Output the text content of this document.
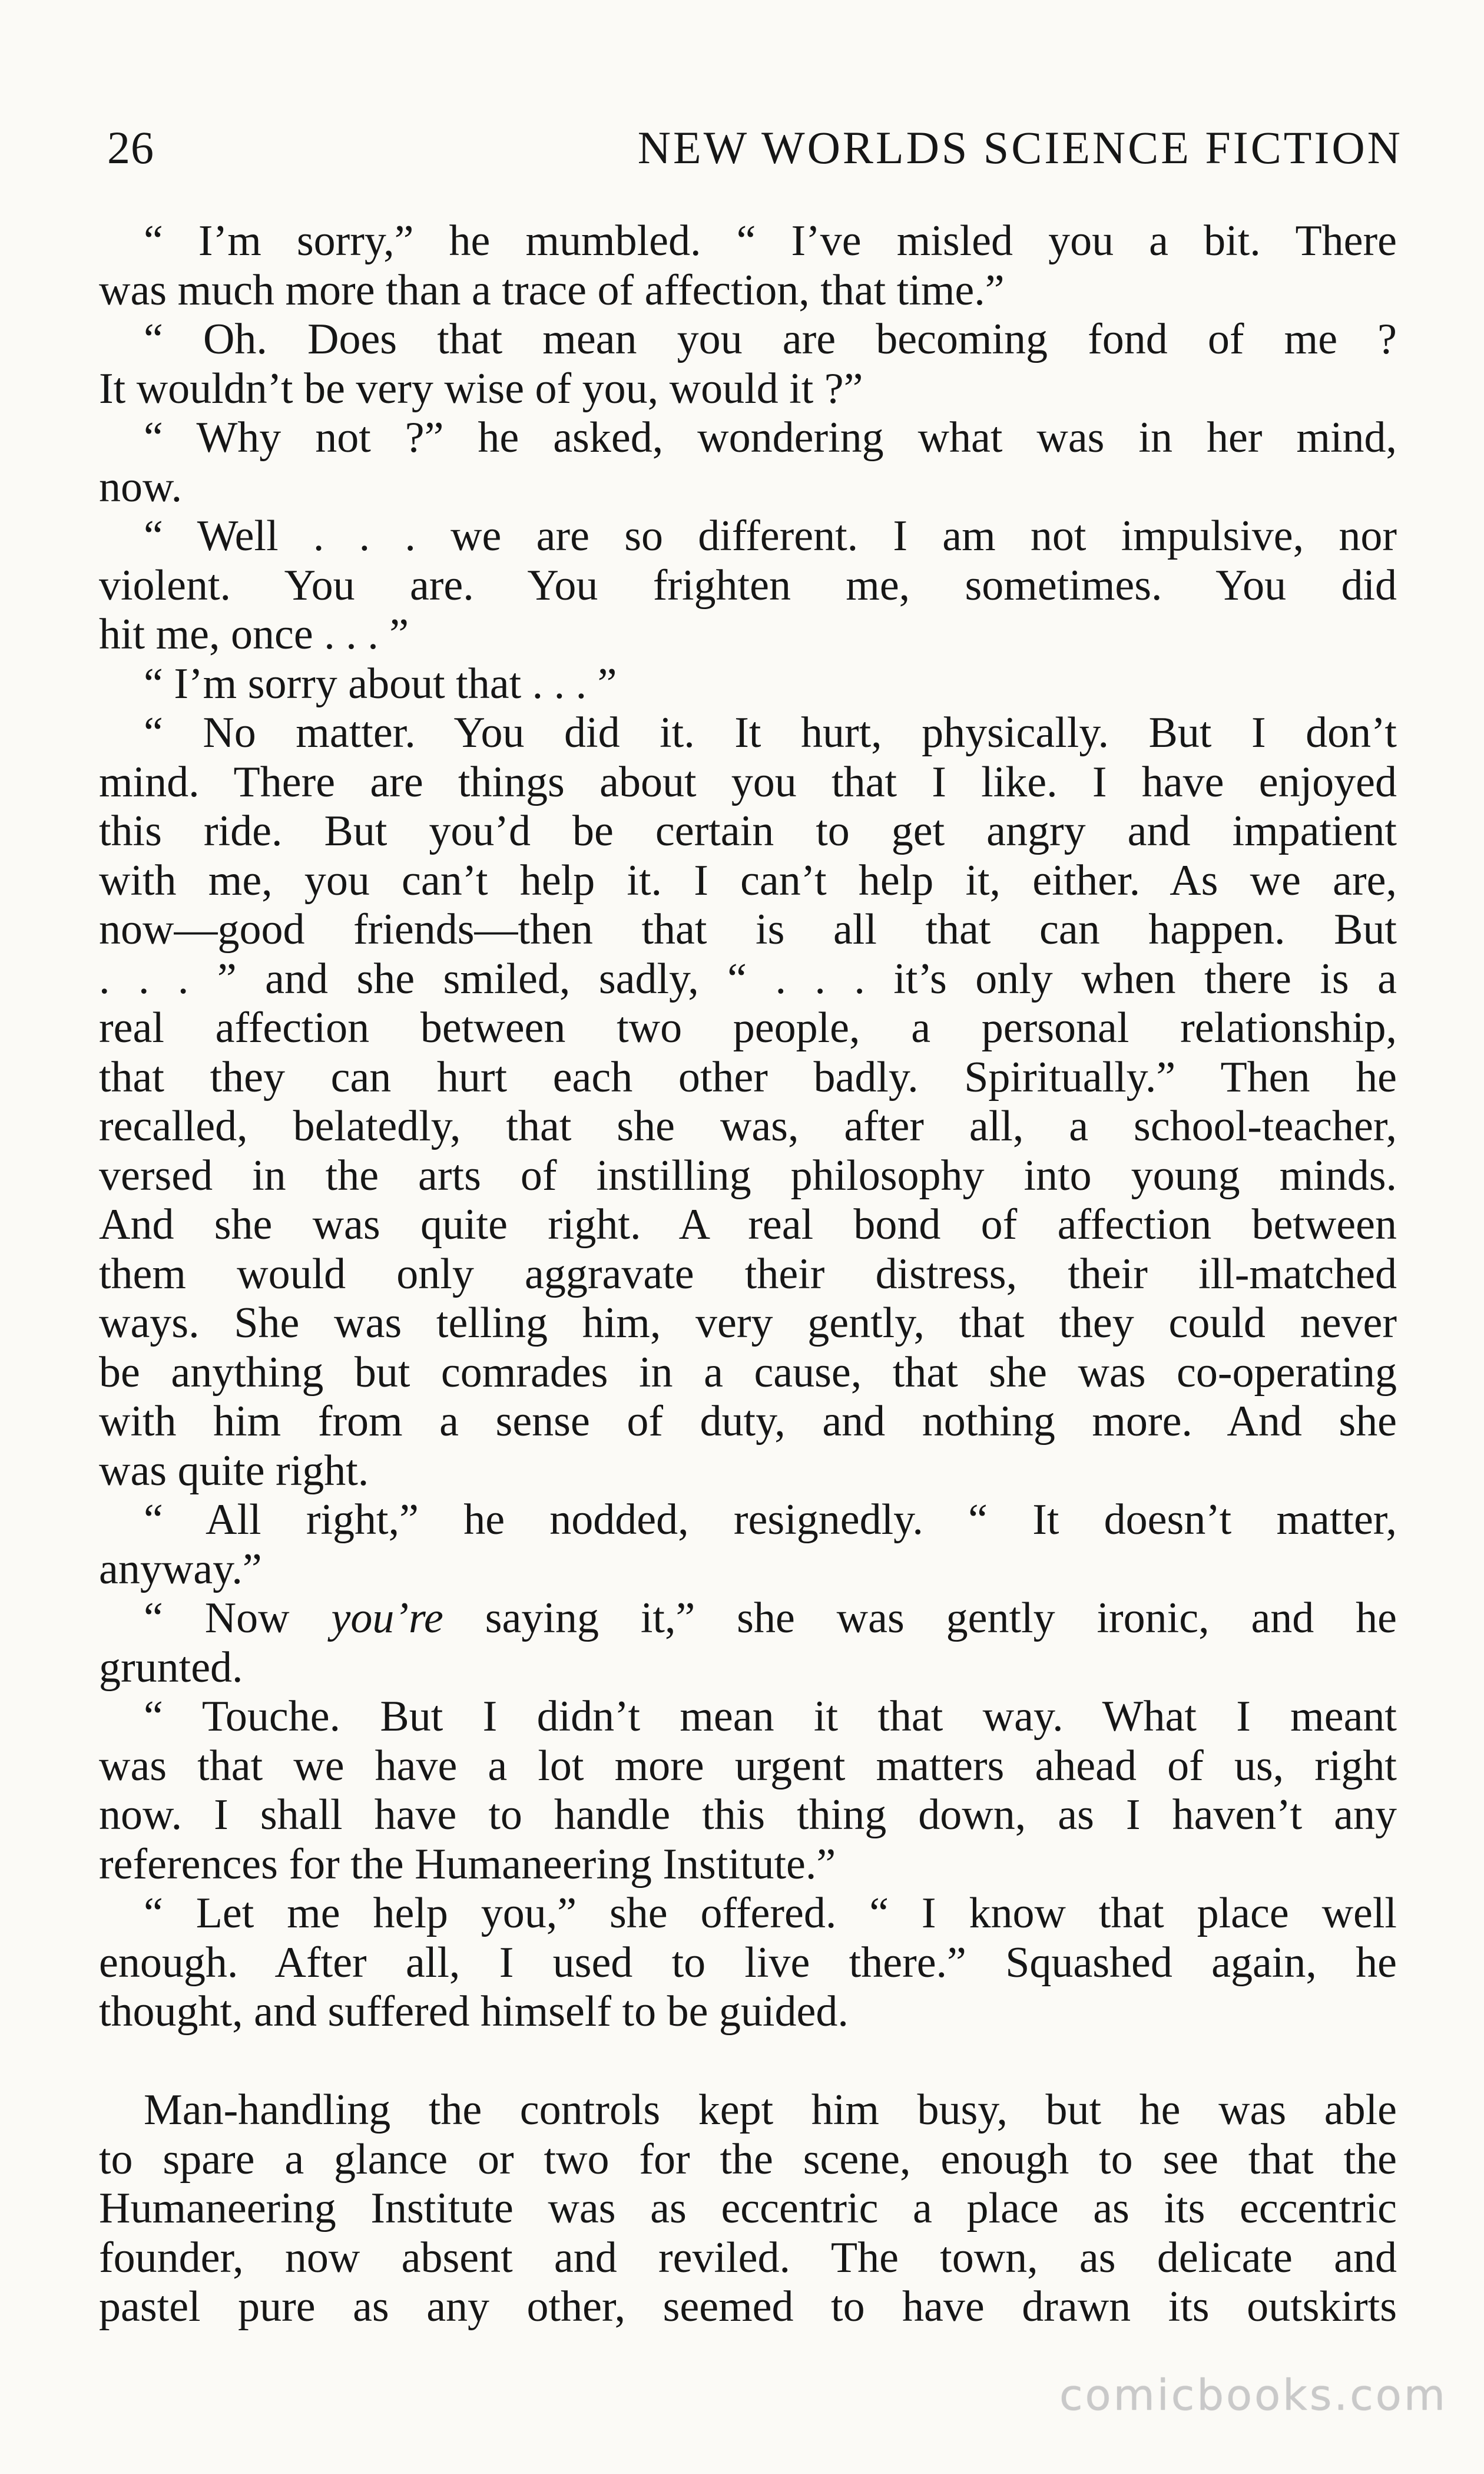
26	NEW WORLDS SCIENCE FICTION
“ I’m sorry,” he mumbled. “ I’ve misled you a bit. There
was much more than a trace of affection, that time.”
“ Oh. Does that mean you are becoming fond of me ?
It wouldn’t be very wise of you, would it ?”
“ Why not ?” he asked, wondering what was in her mind,
now.
“ Well . . . we are so different. I am not impulsive, nor
violent. You are. You frighten me, sometimes. You did
hit me, once . . . ”
“ I’m sorry about that . . . ”
“ No matter. You did it. It hurt, physically. But I don’t
mind. There are things about you that I like. I have enjoyed
this ride. But you’d be certain to get angry and impatient
with me, you can’t help it. I can’t help it, either. As we are,
now—good friends—then that is all that can happen. But
. . . ” and she smiled, sadly, “ . . . it’s only when there is a
real affection between two people, a personal relationship,
that they can hurt each other badly. Spiritually.” Then he
recalled, belatedly, that she was, after all, a school-teacher,
versed in the arts of instilling philosophy into young minds.
And she was quite right. A real bond of affection between
them would only aggravate their distress, their ill-matched
ways. She was telling him, very gently, that they could never
be anything but comrades in a cause, that she was co-operating
with him from a sense of duty, and nothing more. And she
was quite right.
“ All right,” he nodded, resignedly. “ It doesn’t matter,
anyway.”
“ Now you’re saying it,” she was gently ironic, and he
grunted.
“ Touche. But I didn’t mean it that way. What I meant
was that we have a lot more urgent matters ahead of us, right
now. I shall have to handle this thing down, as I haven’t any
references for the Humaneering Institute.”
“ Let me help you,” she offered. “ I know that place well
enough. After all, I used to live there.” Squashed again, he
thought, and suffered himself to be guided.
Man-handling the controls kept him busy, but he was able
to spare a glance or two for the scene, enough to see that the
Humaneering Institute was as eccentric a place as its eccentric
founder, now absent and reviled. The town, as delicate and
pastel pure as any other, seemed to have drawn its outskirts
comicbooks.com
